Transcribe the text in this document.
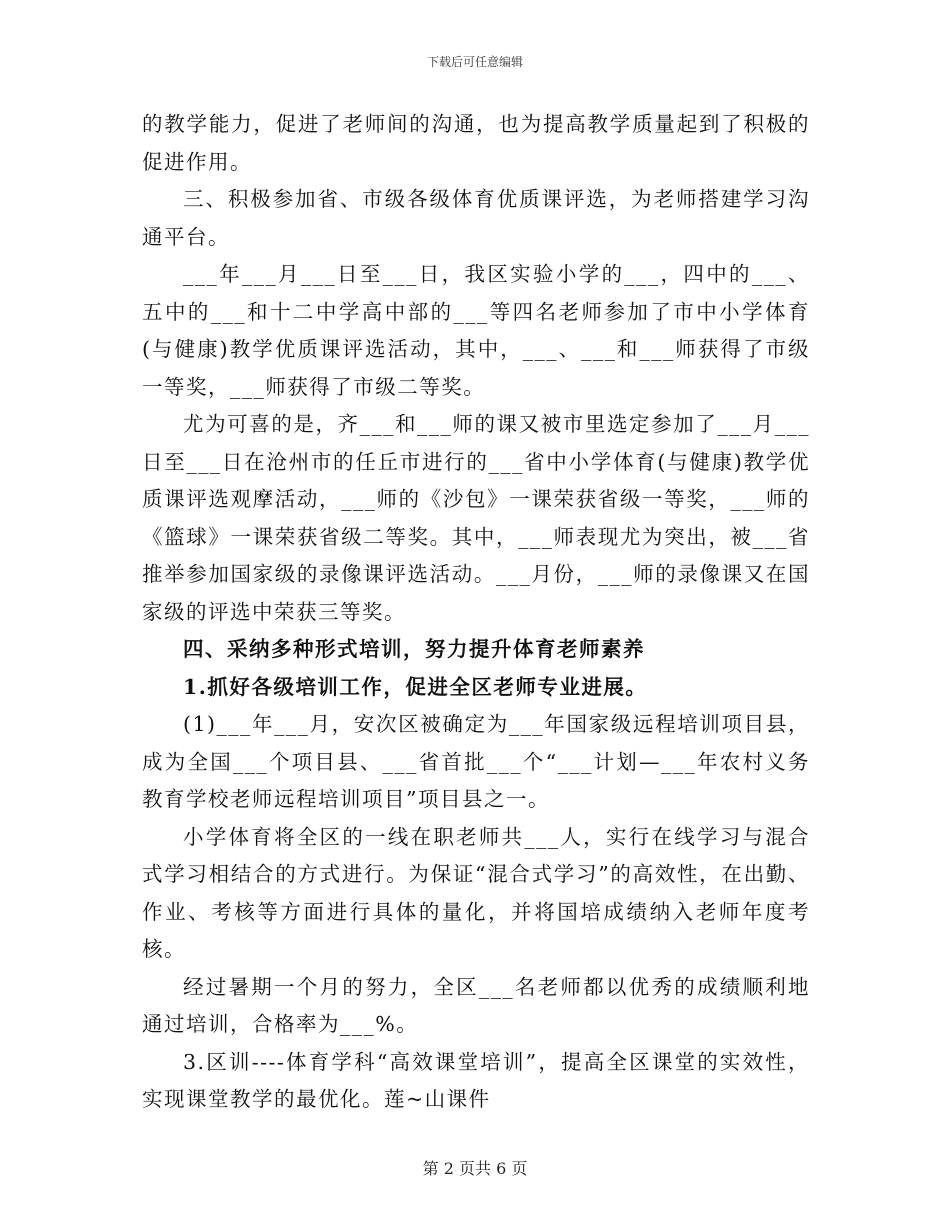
下载后可任意编辑

的教学能力，促进了老师间的沟通，也为提高教学质量起到了积极的促进作用。

三、积极参加省、市级各级体育优质课评选，为老师搭建学习沟通平台。

___年___月___日至___日，我区实验小学的___，四中的___、五中的___和十二中学高中部的___等四名老师参加了市中小学体育(与健康)教学优质课评选活动，其中，___、___和___师获得了市级一等奖，___师获得了市级二等奖。

尤为可喜的是，齐___和___师的课又被市里选定参加了___月___日至___日在沧州市的任丘市进行的___省中小学体育(与健康)教学优质课评选观摩活动，___师的《沙包》一课荣获省级一等奖，___师的《篮球》一课荣获省级二等奖。其中，___师表现尤为突出，被___省推举参加国家级的录像课评选活动。___月份，___师的录像课又在国家级的评选中荣获三等奖。

四、采纳多种形式培训，努力提升体育老师素养

1.抓好各级培训工作，促进全区老师专业进展。

(1)___年___月，安次区被确定为___年国家级远程培训项目县，成为全国___个项目县、___省首批___个“___计划—___年农村义务教育学校老师远程培训项目”项目县之一。

小学体育将全区的一线在职老师共___人，实行在线学习与混合式学习相结合的方式进行。为保证“混合式学习”的高效性，在出勤、作业、考核等方面进行具体的量化，并将国培成绩纳入老师年度考核。

经过暑期一个月的努力，全区___名老师都以优秀的成绩顺利地通过培训，合格率为___%。

3.区训----体育学科“高效课堂培训”，提高全区课堂的实效性，实现课堂教学的最优化。莲~山课件

第 2 页共 6 页
